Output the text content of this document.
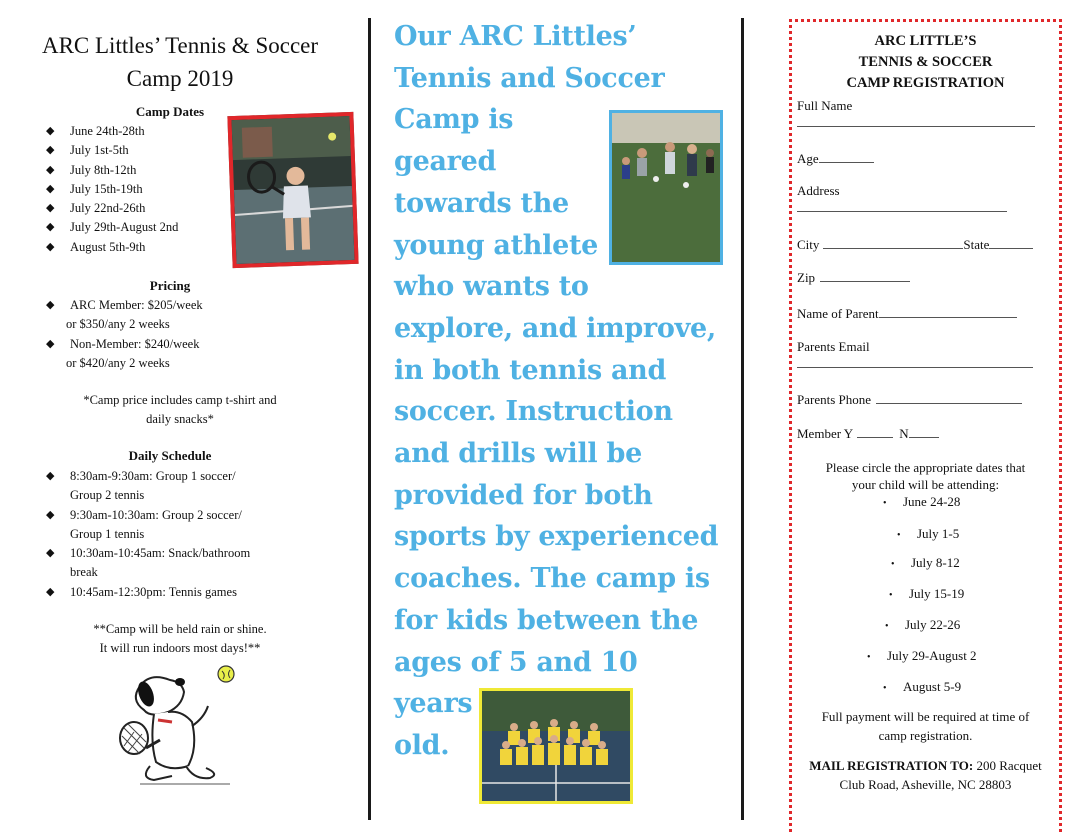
ARC Littles’ Tennis & Soccer
Camp 2019
Camp Dates
◆ June 24th-28th
◆ July 1st-5th
◆ July 8th-12th
◆ July 15th-19th
◆ July 22nd-26th
◆ July 29th-August 2nd
◆ August 5th-9th
Pricing
◆ ARC Member: $205/week
or $350/any 2 weeks
◆ Non-Member: $240/week
or $420/any 2 weeks
*Camp price includes camp t-shirt and
daily snacks*
Daily Schedule
◆ 8:30am-9:30am: Group 1 soccer/
Group 2 tennis
◆ 9:30am-10:30am: Group 2 soccer/
Group 1 tennis
◆ 10:30am-10:45am: Snack/bathroom
break
◆ 10:45am-12:30pm: Tennis games
**Camp will be held rain or shine.
It will run indoors most days!**
Our ARC Littles’
Tennis and Soccer
Camp is
geared
towards the
young athlete
who wants to
explore, and improve,
in both tennis and
soccer. Instruction
and drills will be
provided for both
sports by experienced
coaches. The camp is
for kids between the
ages of 5 and 10 years
old.
ARC LITTLE’S
TENNIS & SOCCER
CAMP REGISTRATION
Full Name
Age
Address
City	State
Zip
Name of Parent
Parents Email
Parents Phone
Member Y	N
Please circle the appropriate dates that
your child will be attending:
• June 24-28
• July 1-5
• July 8-12
• July 15-19
• July 22-26
• July 29-August 2
• August 5-9
Full payment will be required at time of
camp registration.
MAIL REGISTRATION TO: 200 Racquet
Club Road, Asheville, NC 28803
